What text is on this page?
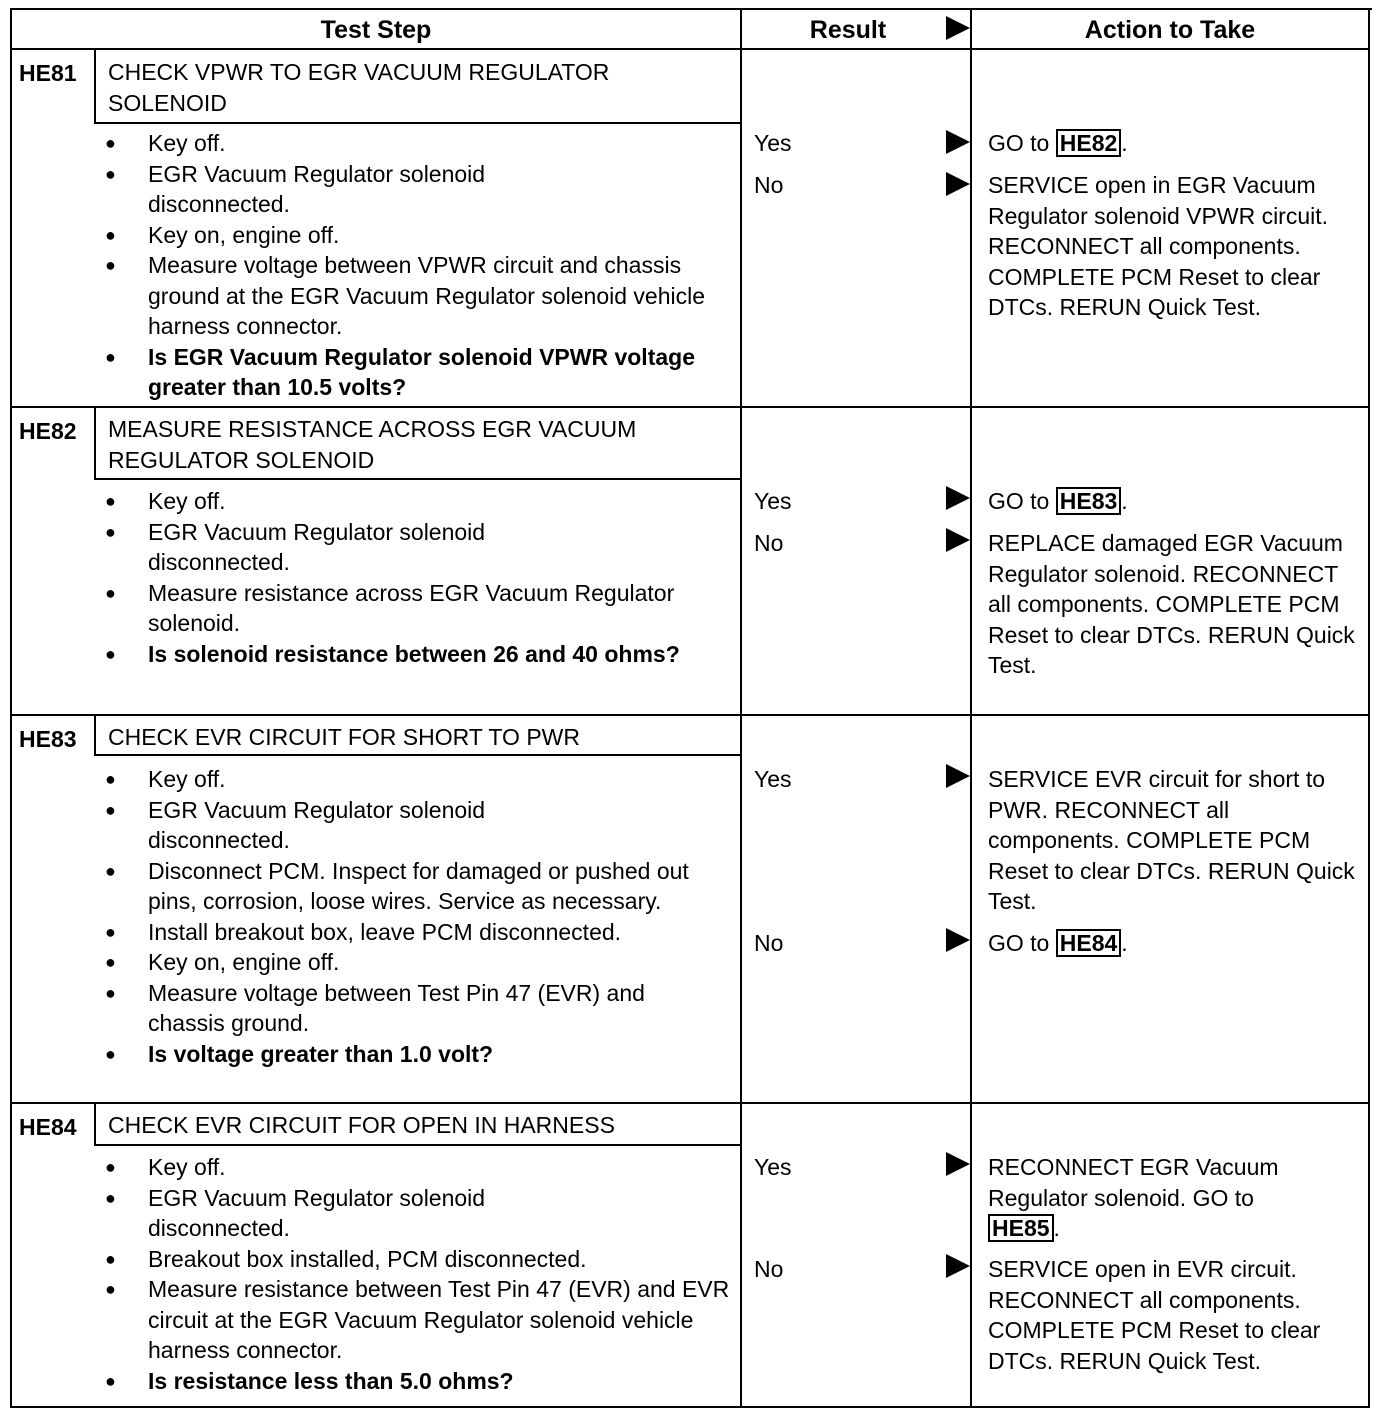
Test Step	Result	Action to Take
HE81 CHECK VPWR TO EGR VACUUM REGULATOR SOLENOID
● Key off.
● EGR Vacuum Regulator solenoid disconnected.
● Key on, engine off.
● Measure voltage between VPWR circuit and chassis ground at the EGR Vacuum Regulator solenoid vehicle harness connector.
● Is EGR Vacuum Regulator solenoid VPWR voltage greater than 10.5 volts?
Yes	GO to HE82 .
No	SERVICE open in EGR Vacuum Regulator solenoid VPWR circuit. RECONNECT all components. COMPLETE PCM Reset to clear DTCs. RERUN Quick Test.
HE82 MEASURE RESISTANCE ACROSS EGR VACUUM REGULATOR SOLENOID
● Key off.
● EGR Vacuum Regulator solenoid disconnected.
● Measure resistance across EGR Vacuum Regulator solenoid.
● Is solenoid resistance between 26 and 40 ohms?
Yes	GO to HE83 .
No	REPLACE damaged EGR Vacuum Regulator solenoid. RECONNECT all components. COMPLETE PCM Reset to clear DTCs. RERUN Quick Test.
HE83 CHECK EVR CIRCUIT FOR SHORT TO PWR
● Key off.
● EGR Vacuum Regulator solenoid disconnected.
● Disconnect PCM. Inspect for damaged or pushed out pins, corrosion, loose wires. Service as necessary.
● Install breakout box, leave PCM disconnected.
● Key on, engine off.
● Measure voltage between Test Pin 47 (EVR) and chassis ground.
● Is voltage greater than 1.0 volt?
Yes	SERVICE EVR circuit for short to PWR. RECONNECT all components. COMPLETE PCM Reset to clear DTCs. RERUN Quick Test.
No	GO to HE84 .
HE84 CHECK EVR CIRCUIT FOR OPEN IN HARNESS
● Key off.
● EGR Vacuum Regulator solenoid disconnected.
● Breakout box installed, PCM disconnected.
● Measure resistance between Test Pin 47 (EVR) and EVR circuit at the EGR Vacuum Regulator solenoid vehicle harness connector.
● Is resistance less than 5.0 ohms?
Yes	RECONNECT EGR Vacuum Regulator solenoid. GO to HE85 .
No	SERVICE open in EVR circuit. RECONNECT all components. COMPLETE PCM Reset to clear DTCs. RERUN Quick Test.
